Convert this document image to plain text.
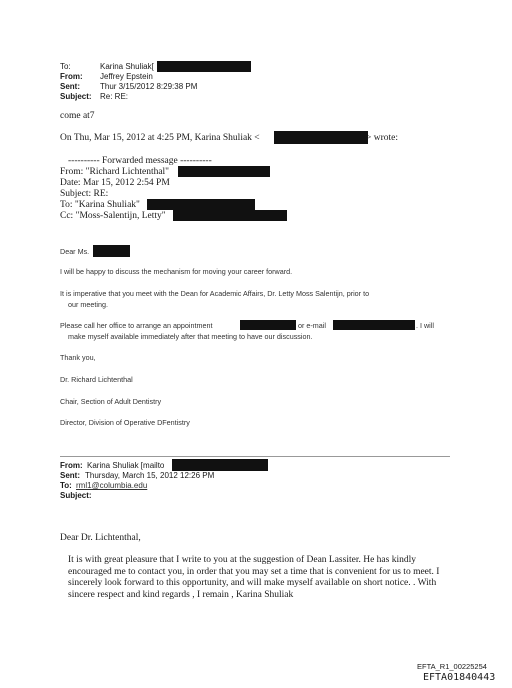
To:	Karina Shuliak[
From: Jeffrey Epstein
Sent:	Thur 3/15/2012 8:29:38 PM
Subject: Re: RE:
come at7
On Thu, Mar 15, 2012 at 4:25 PM, Karina Shuliak <	> wrote:
---------- Forwarded message ----------
From: "Richard Lichtenthal"
Date: Mar 15, 2012 2:54 PM
Subject: RE:
To: "Karina Shuliak"
Cc: "Moss-Salentijn, Letty"
Dear Ms.
I will be happy to discuss the mechanism for moving your career forward.
It is imperative that you meet with the Dean for Academic Affairs, Dr. Letty Moss Salentijn, prior to
our meeting.
Please call her office to arrange an appointment	or e-mail	. I will
make myself available immediately after that meeting to have our discussion.
Thank you,
Dr. Richard Lichtenthal
Chair, Section of Adult Dentistry
Director, Division of Operative DFentistry
From: Karina Shuliak [mailto
Sent: Thursday, March 15, 2012 12:26 PM
To: rml1@columbia.edu
Subject:
Dear Dr. Lichtenthal,
It is with great pleasure that I write to you at the suggestion of Dean Lassiter. He has kindly encouraged me to contact you, in order that you may set a time that is convenient for us to meet. I sincerely look forward to this opportunity, and will make myself available on short notice. . With sincere respect and kind regards , I remain , Karina Shuliak
EFTA_R1_00225254
EFTA01840443
